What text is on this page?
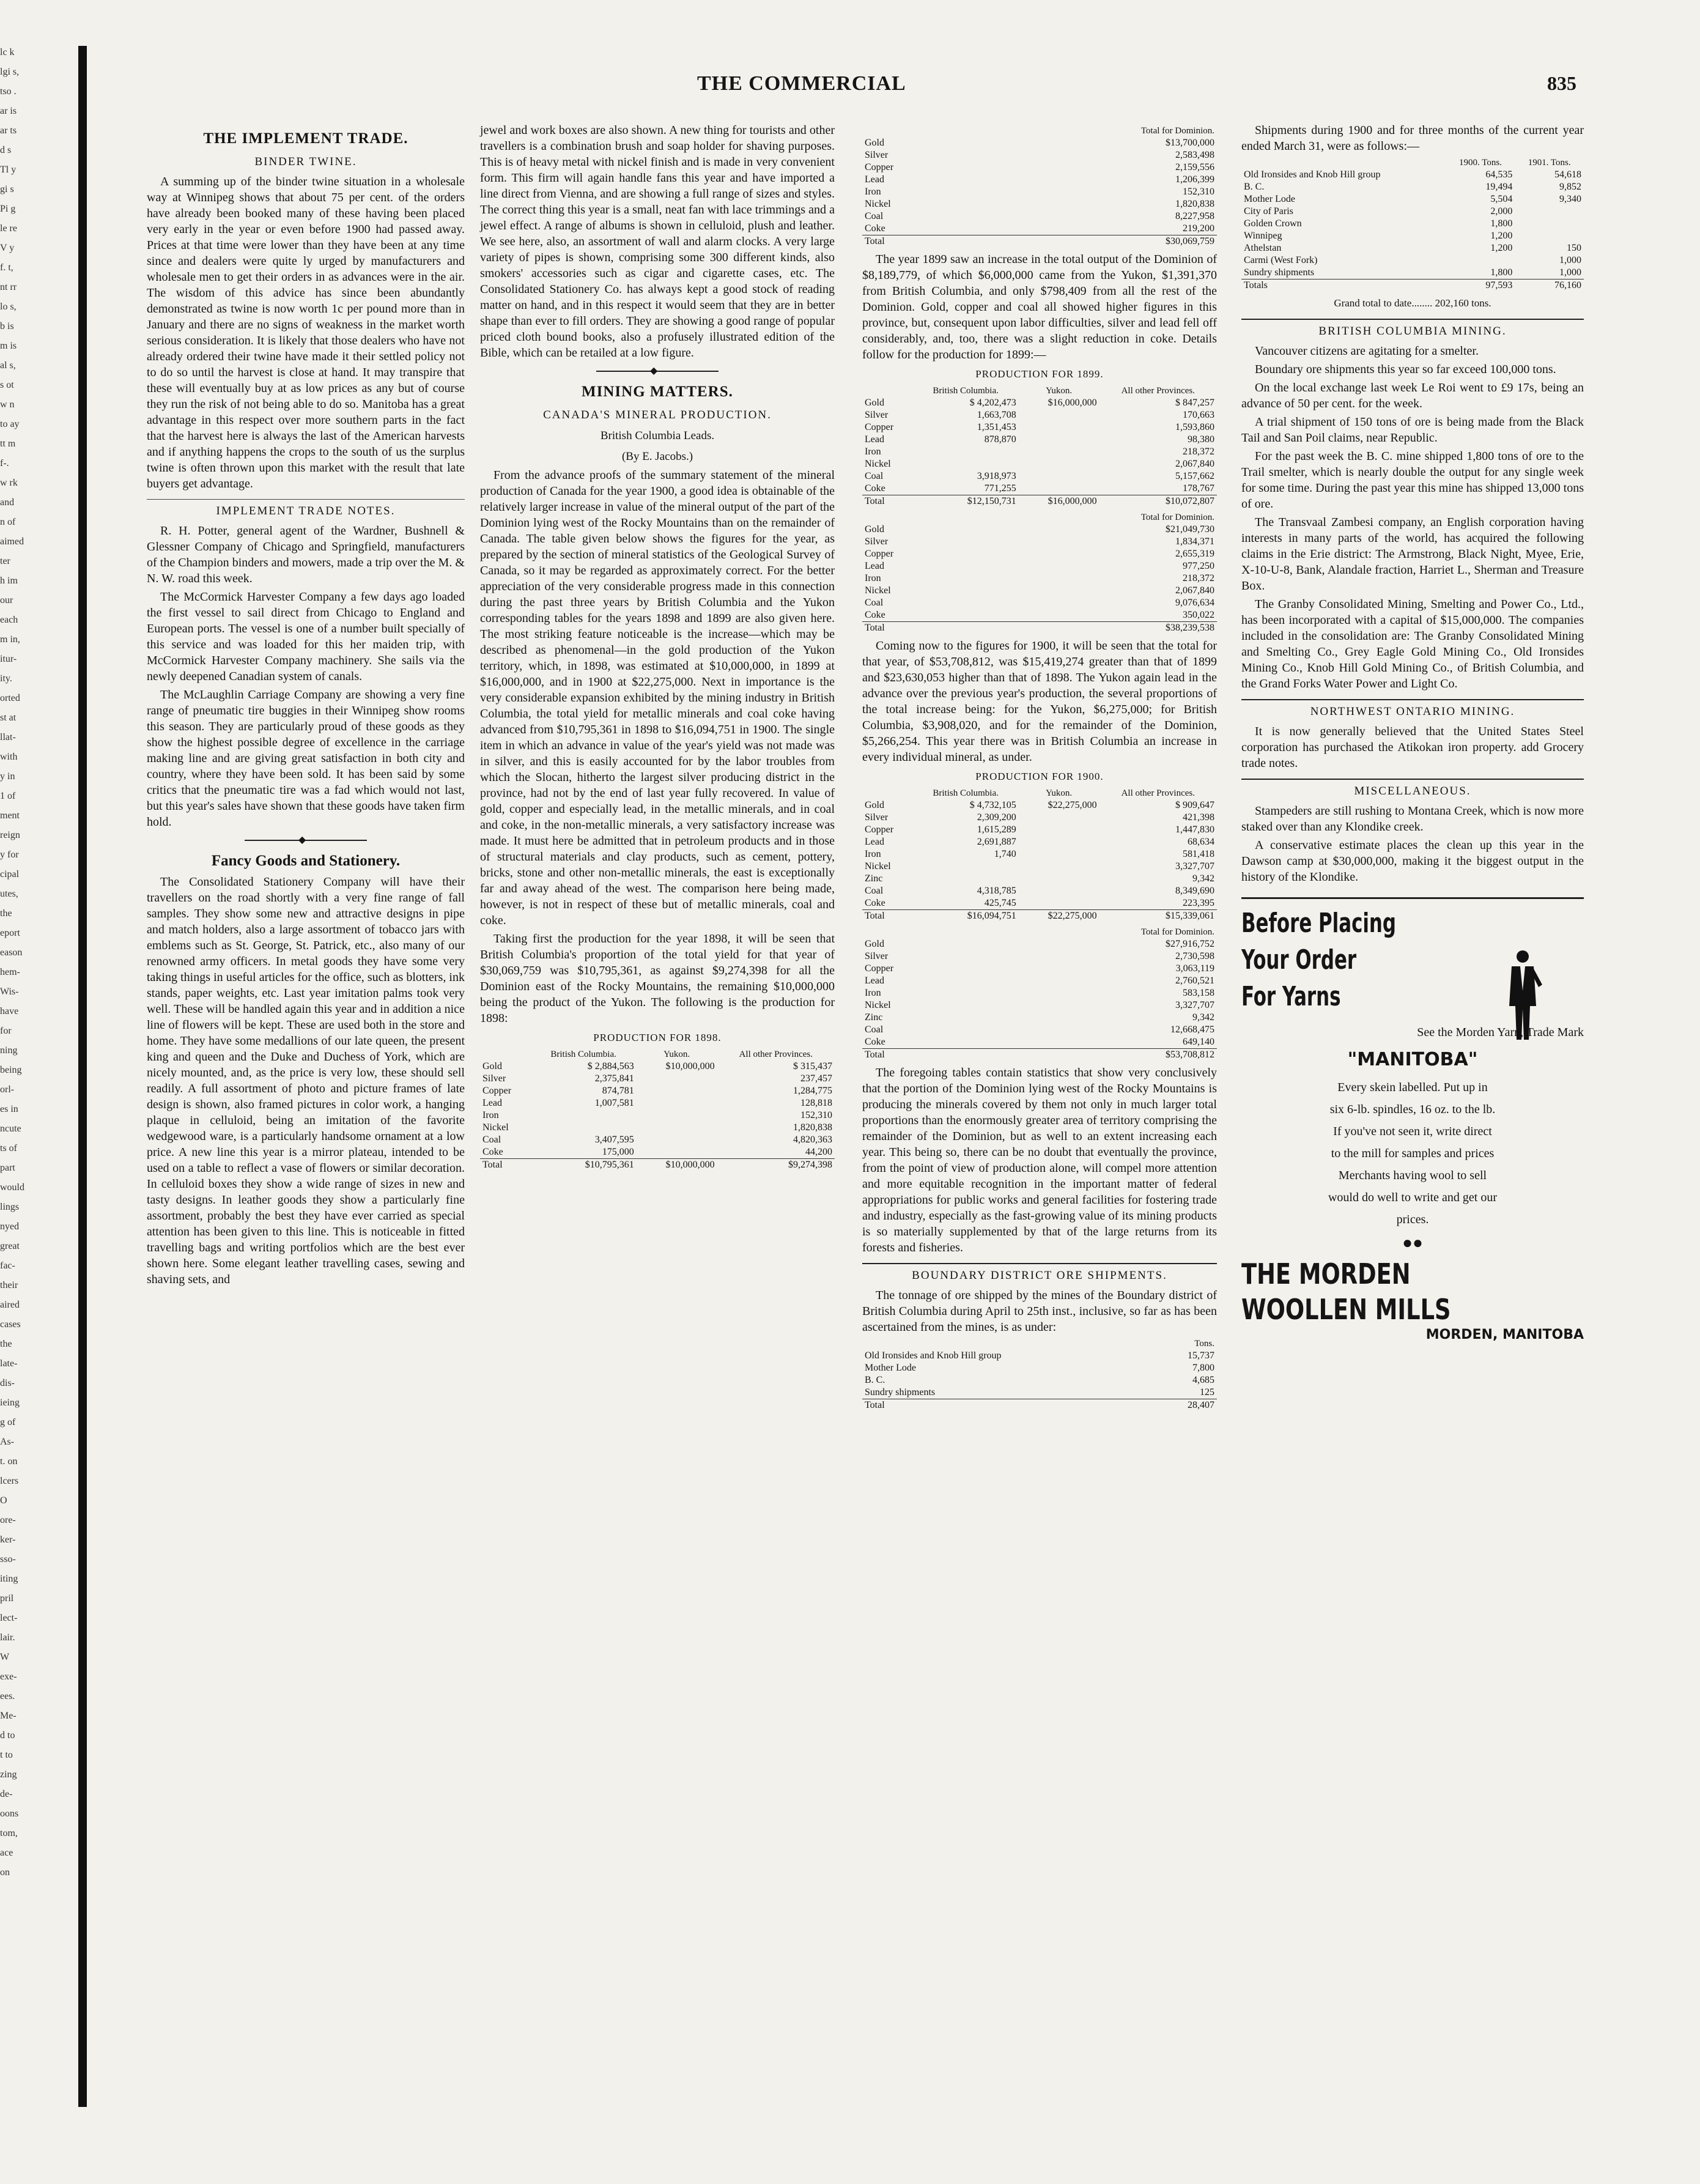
lc k
lgi s,
tso .
ar is
ar ts
d s
Tl y
gi s
Pi g
le re
V y
f. t,
nt rr
lo s,
b is
m is
al s,
s ot
w n
to ay
tt m
f-.
w rk
and
n of
aimed
ter
h im
our
each
m in,
itur-
ity.
orted
st at
llat-
with
y in
1 of
ment
reign
y for
cipal
utes,
the
eport
eason
hem-
Wis-
have
for
ning
being
orl-
es in
ncute
ts of
part
would
lings
nyed
great
fac-
their
aired
cases
the
late-
dis-
ieing
g of
As-
t. on
lcers
O
ore-
ker-
sso-
iting
pril
lect-
lair.
W
exe-
ees.
Me-
d to
t to
zing
de-
oons
tom,
ace
on
THE COMMERCIAL	835
THE IMPLEMENT TRADE.
BINDER TWINE.

A summing up of the binder twine situation in a wholesale way at Winnipeg shows that about 75 per cent. of the orders have already been booked many of these having been placed very early in the year or even before 1900 had passed away. Prices at that time were lower than they have been at any time since and dealers were quite ly urged by manufacturers and wholesale men to get their orders in as advances were in the air. The wisdom of this advice has since been abundantly demonstrated as twine is now worth 1c per pound more than in January and there are no signs of weakness in the market worth serious consideration. It is likely that those dealers who have not already ordered their twine have made it their settled policy not to do so until the harvest is close at hand. It may transpire that these will eventually buy at as low prices as any but of course they run the risk of not being able to do so. Manitoba has a great advantage in this respect over more southern parts in the fact that the harvest here is always the last of the American harvests and if anything happens the crops to the south of us the surplus twine is often thrown upon this market with the result that late buyers get advantage.

IMPLEMENT TRADE NOTES.

R. H. Potter, general agent of the Wardner, Bushnell & Glessner Company of Chicago and Springfield, manufacturers of the Champion binders and mowers, made a trip over the M. & N. W. road this week.

The McCormick Harvester Company a few days ago loaded the first vessel to sail direct from Chicago to England and European ports. The vessel is one of a number built specially of this service and was loaded for this her maiden trip, with McCormick Harvester Company machinery. She sails via the newly deepened Canadian system of canals.

The McLaughlin Carriage Company are showing a very fine range of pneumatic tire buggies in their Winnipeg show rooms this season. They are particularly proud of these goods as they show the highest possible degree of excellence in the carriage making line and are giving great satisfaction in both city and country, where they have been sold. It has been said by some critics that the pneumatic tire was a fad which would not last, but this year's sales have shown that these goods have taken firm hold.

◆
Fancy Goods and Stationery.

The Consolidated Stationery Company will have their travellers on the road shortly with a very fine range of fall samples. They show some new and attractive designs in pipe and match holders, also a large assortment of tobacco jars with emblems such as St. George, St. Patrick, etc., also many of our renowned army officers. In metal goods they have some very taking things in useful articles for the office, such as blotters, ink stands, paper weights, etc. Last year imitation palms took very well. These will be handled again this year and in addition a nice line of flowers will be kept. These are used both in the store and home. They have some medallions of our late queen, the present king and queen and the Duke and Duchess of York, which are nicely mounted, and, as the price is very low, these should sell readily. A full assortment of photo and picture frames of late design is shown, also framed pictures in color work, a hanging plaque in celluloid, being an imitation of the favorite wedgewood ware, is a particularly handsome ornament at a low price. A new line this year is a mirror plateau, intended to be used on a table to reflect a vase of flowers or similar decoration. In celluloid boxes they show a wide range of sizes in new and tasty designs. In leather goods they show a particularly fine assortment, probably the best they have ever carried as special attention has been given to this line. This is noticeable in fitted travelling bags and writing portfolios which are the best ever shown here. Some elegant leather travelling cases, sewing and shaving sets, and

jewel and work boxes are also shown. A new thing for tourists and other travellers is a combination brush and soap holder for shaving purposes. This is of heavy metal with nickel finish and is made in very convenient form. This firm will again handle fans this year and have imported a line direct from Vienna, and are showing a full range of sizes and styles. The correct thing this year is a small, neat fan with lace trimmings and a jewel effect. A range of albums is shown in celluloid, plush and leather. We see here, also, an assortment of wall and alarm clocks. A very large variety of pipes is shown, comprising some 300 different kinds, also smokers' accessories such as cigar and cigarette cases, etc. The Consolidated Stationery Co. has always kept a good stock of reading matter on hand, and in this respect it would seem that they are in better shape than ever to fill orders. They are showing a good range of popular priced cloth bound books, also a profusely illustrated edition of the Bible, which can be retailed at a low figure.

◆
MINING MATTERS.
CANADA'S MINERAL PRODUCTION.
British Columbia Leads.
(By E. Jacobs.)

From the advance proofs of the summary statement of the mineral production of Canada for the year 1900, a good idea is obtainable of the relatively larger increase in value of the mineral output of the part of the Dominion lying west of the Rocky Mountains than on the remainder of Canada. The table given below shows the figures for the year, as prepared by the section of mineral statistics of the Geological Survey of Canada, so it may be regarded as approximately correct. For the better appreciation of the very considerable progress made in this connection during the past three years by British Columbia and the Yukon corresponding tables for the years 1898 and 1899 are also given here. The most striking feature noticeable is the increase—which may be described as phenomenal—in the gold production of the Yukon territory, which, in 1898, was estimated at $10,000,000, in 1899 at $16,000,000, and in 1900 at $22,275,000. Next in importance is the very considerable expansion exhibited by the mining industry in British Columbia, the total yield for metallic minerals and coal coke having advanced from $10,795,361 in 1898 to $16,094,751 in 1900. The single item in which an advance in value of the year's yield was not made was in silver, and this is easily accounted for by the labor troubles from which the Slocan, hitherto the largest silver producing district in the province, had not by the end of last year fully recovered. In value of gold, copper and especially lead, in the metallic minerals, and in coal and coke, in the non-metallic minerals, a very satisfactory increase was made. It must here be admitted that in petroleum products and in those of structural materials and clay products, such as cement, pottery, bricks, stone and other non-metallic minerals, the east is exceptionally far and away ahead of the west. The comparison here being made, however, is not in respect of these but of metallic minerals, coal and coke.

Taking first the production for the year 1898, it will be seen that British Columbia's proportion of the total yield for that year of $30,069,759 was $10,795,361, as against $9,274,398 for all the Dominion east of the Rocky Mountains, the remaining $10,000,000 being the product of the Yukon. The following is the production for 1898:

PRODUCTION FOR 1898.
	British Columbia.	Yukon.	All other Provinces.
Gold	$ 2,884,563	$10,000,000	$ 315,437
Silver	2,375,841		237,457
Copper	874,781		1,284,775
Lead	1,007,581		128,818
Iron			152,310
Nickel			1,820,838
Coal	3,407,595		4,820,363
Coke	175,000		44,200
Total	$10,795,361	$10,000,000	$9,274,398
	Total for Dominion.
Gold	$13,700,000
Silver	2,583,498
Copper	2,159,556
Lead	1,206,399
Iron	152,310
Nickel	1,820,838
Coal	8,227,958
Coke	219,200
Total	$30,069,759

The year 1899 saw an increase in the total output of the Dominion of $8,189,779, of which $6,000,000 came from the Yukon, $1,391,370 from British Columbia, and only $798,409 from all the rest of the Dominion. Gold, copper and coal all showed higher figures in this province, but, consequent upon labor difficulties, silver and lead fell off considerably, and, too, there was a slight reduction in coke. Details follow for the production for 1899:—

PRODUCTION FOR 1899.
	British Columbia.	Yukon.	All other Provinces.
Gold	$ 4,202,473	$16,000,000	$ 847,257
Silver	1,663,708		170,663
Copper	1,351,453		1,593,860
Lead	878,870		98,380
Iron			218,372
Nickel			2,067,840
Coal	3,918,973		5,157,662
Coke	771,255		178,767
Total	$12,150,731	$16,000,000	$10,072,807
	Total for Dominion.
Gold	$21,049,730
Silver	1,834,371
Copper	2,655,319
Lead	977,250
Iron	218,372
Nickel	2,067,840
Coal	9,076,634
Coke	350,022
Total	$38,239,538

Coming now to the figures for 1900, it will be seen that the total for that year, of $53,708,812, was $15,419,274 greater than that of 1899 and $23,630,053 higher than that of 1898. The Yukon again lead in the advance over the previous year's production, the several proportions of the total increase being: for the Yukon, $6,275,000; for British Columbia, $3,908,020, and for the remainder of the Dominion, $5,266,254. This year there was in British Columbia an increase in every individual mineral, as under.

PRODUCTION FOR 1900.
	British Columbia.	Yukon.	All other Provinces.
Gold	$ 4,732,105	$22,275,000	$ 909,647
Silver	2,309,200		421,398
Copper	1,615,289		1,447,830
Lead	2,691,887		68,634
Iron	1,740		581,418
Nickel			3,327,707
Zinc			9,342
Coal	4,318,785		8,349,690
Coke	425,745		223,395
Total	$16,094,751	$22,275,000	$15,339,061
	Total for Dominion.
Gold	$27,916,752
Silver	2,730,598
Copper	3,063,119
Lead	2,760,521
Iron	583,158
Nickel	3,327,707
Zinc	9,342
Coal	12,668,475
Coke	649,140
Total	$53,708,812

The foregoing tables contain statistics that show very conclusively that the portion of the Dominion lying west of the Rocky Mountains is producing the minerals covered by them not only in much larger total proportions than the enormously greater area of territory comprising the remainder of the Dominion, but as well to an extent increasing each year. This being so, there can be no doubt that eventually the province, from the point of view of production alone, will compel more attention and more equitable recognition in the important matter of federal appropriations for public works and general facilities for fostering trade and industry, especially as the fast-growing value of its mining products is so materially supplemented by that of the large returns from its forests and fisheries.

BOUNDARY DISTRICT ORE SHIPMENTS.

The tonnage of ore shipped by the mines of the Boundary district of British Columbia during April to 25th inst., inclusive, so far as has been ascertained from the mines, is as under:

	Tons.
Old Ironsides and Knob Hill group	15,737
Mother Lode	7,800
B. C.	4,685
Sundry shipments	125
Total	28,407

Shipments during 1900 and for three months of the current year ended March 31, were as follows:—

	1900. Tons.	1901. Tons.
Old Ironsides and Knob Hill group	64,535	54,618
B. C.	19,494	9,852
Mother Lode	5,504	9,340
City of Paris	2,000	
Golden Crown	1,800	
Winnipeg	1,200	
Athelstan	1,200	150
Carmi (West Fork)		1,000
Sundry shipments	1,800	1,000
Totals	97,593	76,160
Grand total to date........ 202,160 tons.
BRITISH COLUMBIA MINING.

Vancouver citizens are agitating for a smelter.

Boundary ore shipments this year so far exceed 100,000 tons.

On the local exchange last week Le Roi went to £9 17s, being an advance of 50 per cent. for the week.

A trial shipment of 150 tons of ore is being made from the Black Tail and San Poil claims, near Republic.

For the past week the B. C. mine shipped 1,800 tons of ore to the Trail smelter, which is nearly double the output for any single week for some time. During the past year this mine has shipped 13,000 tons of ore.

The Transvaal Zambesi company, an English corporation having interests in many parts of the world, has acquired the following claims in the Erie district: The Armstrong, Black Night, Myee, Erie, X-10-U-8, Bank, Alandale fraction, Harriet L., Sherman and Treasure Box.

The Granby Consolidated Mining, Smelting and Power Co., Ltd., has been incorporated with a capital of $15,000,000. The companies included in the consolidation are: The Granby Consolidated Mining and Smelting Co., Grey Eagle Gold Mining Co., Old Ironsides Mining Co., Knob Hill Gold Mining Co., of British Columbia, and the Grand Forks Water Power and Light Co.

NORTHWEST ONTARIO MINING.

It is now generally believed that the United States Steel corporation has purchased the Atikokan iron property. add Grocery trade notes.

MISCELLANEOUS.

Stampeders are still rushing to Montana Creek, which is now more staked over than any Klondike creek.

A conservative estimate places the clean up this year in the Dawson camp at $30,000,000, making it the biggest output in the history of the Klondike.

Before Placing
Your Order
For Yarns
See the Morden Yarn, Trade Mark
"MANITOBA"
Every skein labelled. Put up in
six 6-lb. spindles, 16 oz. to the lb.
If you've not seen it, write direct
to the mill for samples and prices
Merchants having wool to sell
would do well to write and get our
prices.
●●
THE MORDEN
WOOLLEN MILLS
MORDEN, MANITOBA
